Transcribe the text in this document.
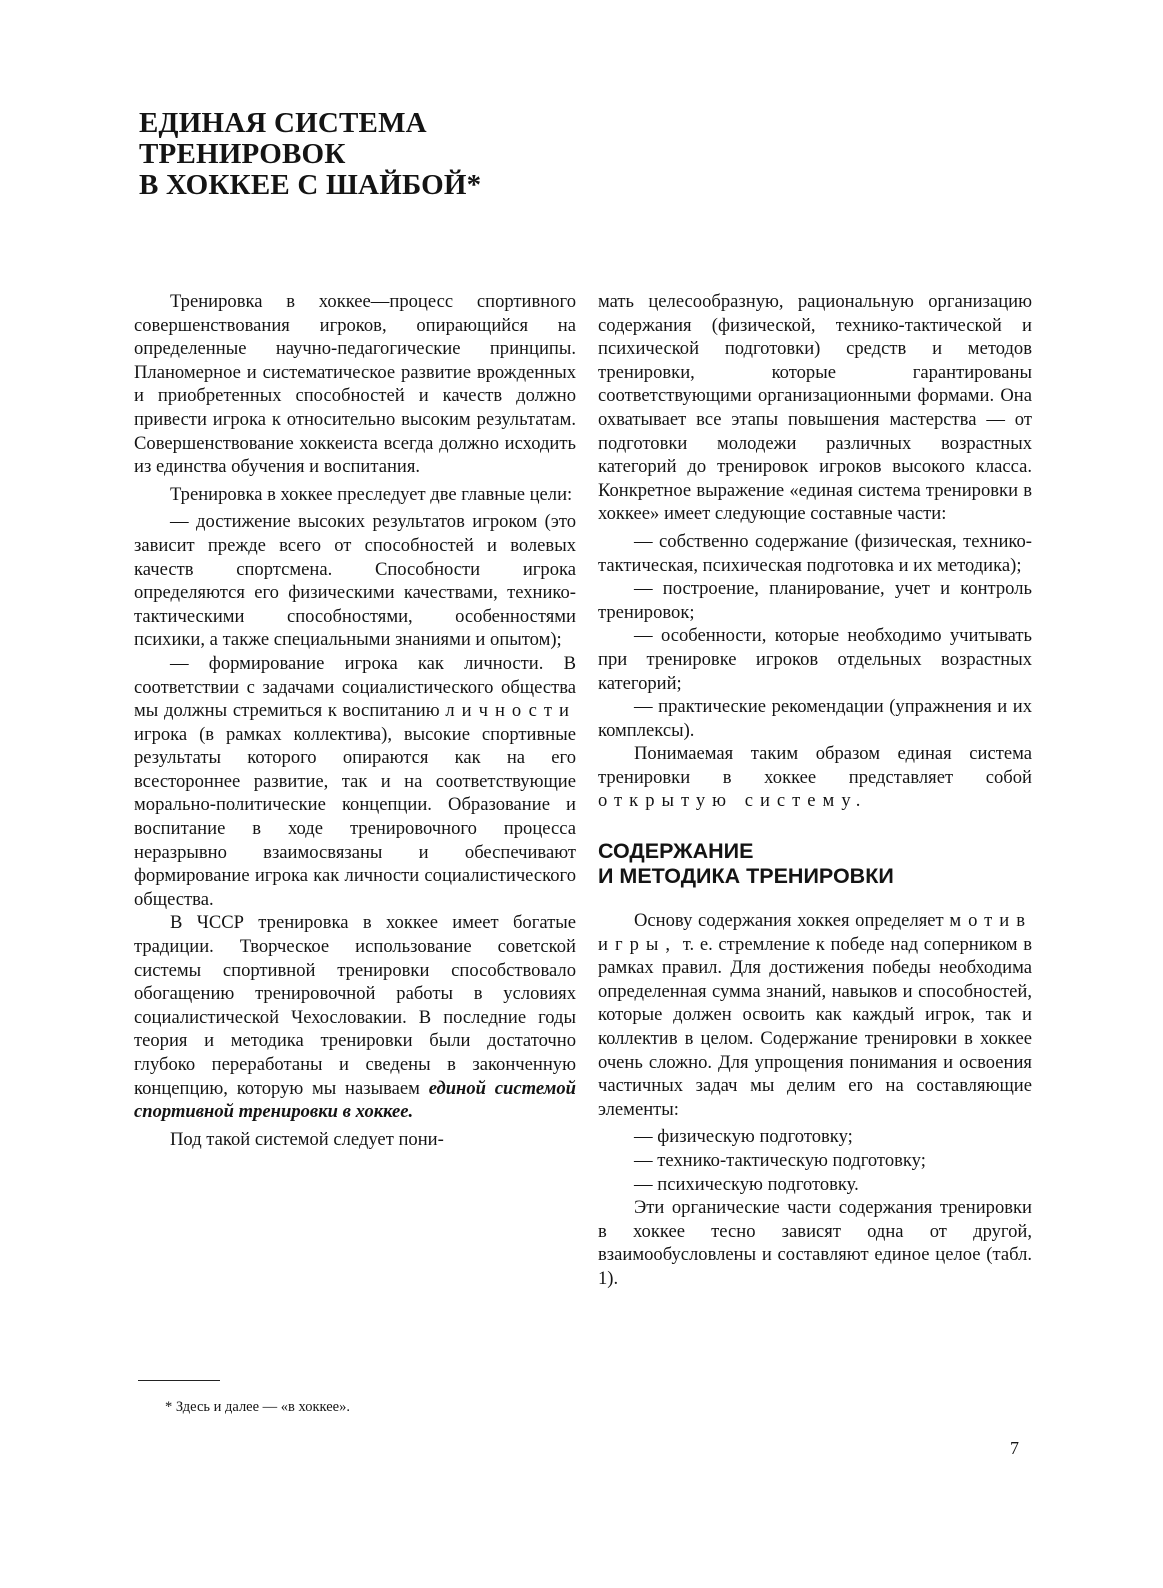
ЕДИНАЯ СИСТЕМА
ТРЕНИРОВОК
В ХОККЕЕ С ШАЙБОЙ*

Тренировка в хоккее—процесс спортивного совершенствования игроков, опирающийся на определенные научно-педагогические принципы. Планомерное и систематическое развитие врожденных и приобретенных способностей и качеств должно привести игрока к относительно высоким результатам. Совершенствование хоккеиста всегда должно исходить из единства обучения и воспитания.

Тренировка в хоккее преследует две главные цели:

— достижение высоких результатов игроком (это зависит прежде всего от способностей и волевых качеств спортсмена. Способности игрока определяются его физическими качествами, технико-тактическими способностями, особенностями психики, а также специальными знаниями и опытом);

— формирование игрока как личности. В соответствии с задачами социалистического общества мы должны стремиться к воспитанию личности игрока (в рамках коллектива), высокие спортивные результаты которого опираются как на его всестороннее развитие, так и на соответствующие морально-политические концепции. Образование и воспитание в ходе тренировочного процесса неразрывно взаимосвязаны и обеспечивают формирование игрока как личности социалистического общества.

В ЧССР тренировка в хоккее имеет богатые традиции. Творческое использование советской системы спортивной тренировки способствовало обогащению тренировочной работы в условиях социалистической Чехословакии. В последние годы теория и методика тренировки были достаточно глубоко переработаны и сведены в законченную концепцию, которую мы называем единой системой спортивной тренировки в хоккее.

Под такой системой следует пони-

мать целесообразную, рациональную организацию содержания (физической, технико-тактической и психической подготовки) средств и методов тренировки, которые гарантированы соответствующими организационными формами. Она охватывает все этапы повышения мастерства — от подготовки молодежи различных возрастных категорий до тренировок игроков высокого класса. Конкретное выражение «единая система тренировки в хоккее» имеет следующие составные части:

— собственно содержание (физическая, технико-тактическая, психическая подготовка и их методика);

— построение, планирование, учет и контроль тренировок;

— особенности, которые необходимо учитывать при тренировке игроков отдельных возрастных категорий;

— практические рекомендации (упражнения и их комплексы).

Понимаемая таким образом единая система тренировки в хоккее представляет собой открытую систему.

СОДЕРЖАНИЕ
И МЕТОДИКА ТРЕНИРОВКИ

Основу содержания хоккея определяет мотив игры, т. е. стремление к победе над соперником в рамках правил. Для достижения победы необходима определенная сумма знаний, навыков и способностей, которые должен освоить как каждый игрок, так и коллектив в целом. Содержание тренировки в хоккее очень сложно. Для упрощения понимания и освоения частичных задач мы делим его на составляющие элементы:

— физическую подготовку;

— технико-тактическую подготовку;

— психическую подготовку.

Эти органические части содержания тренировки в хоккее тесно зависят одна от другой, взаимообусловлены и составляют единое целое (табл. 1).

* Здесь и далее — «в хоккее».
7
